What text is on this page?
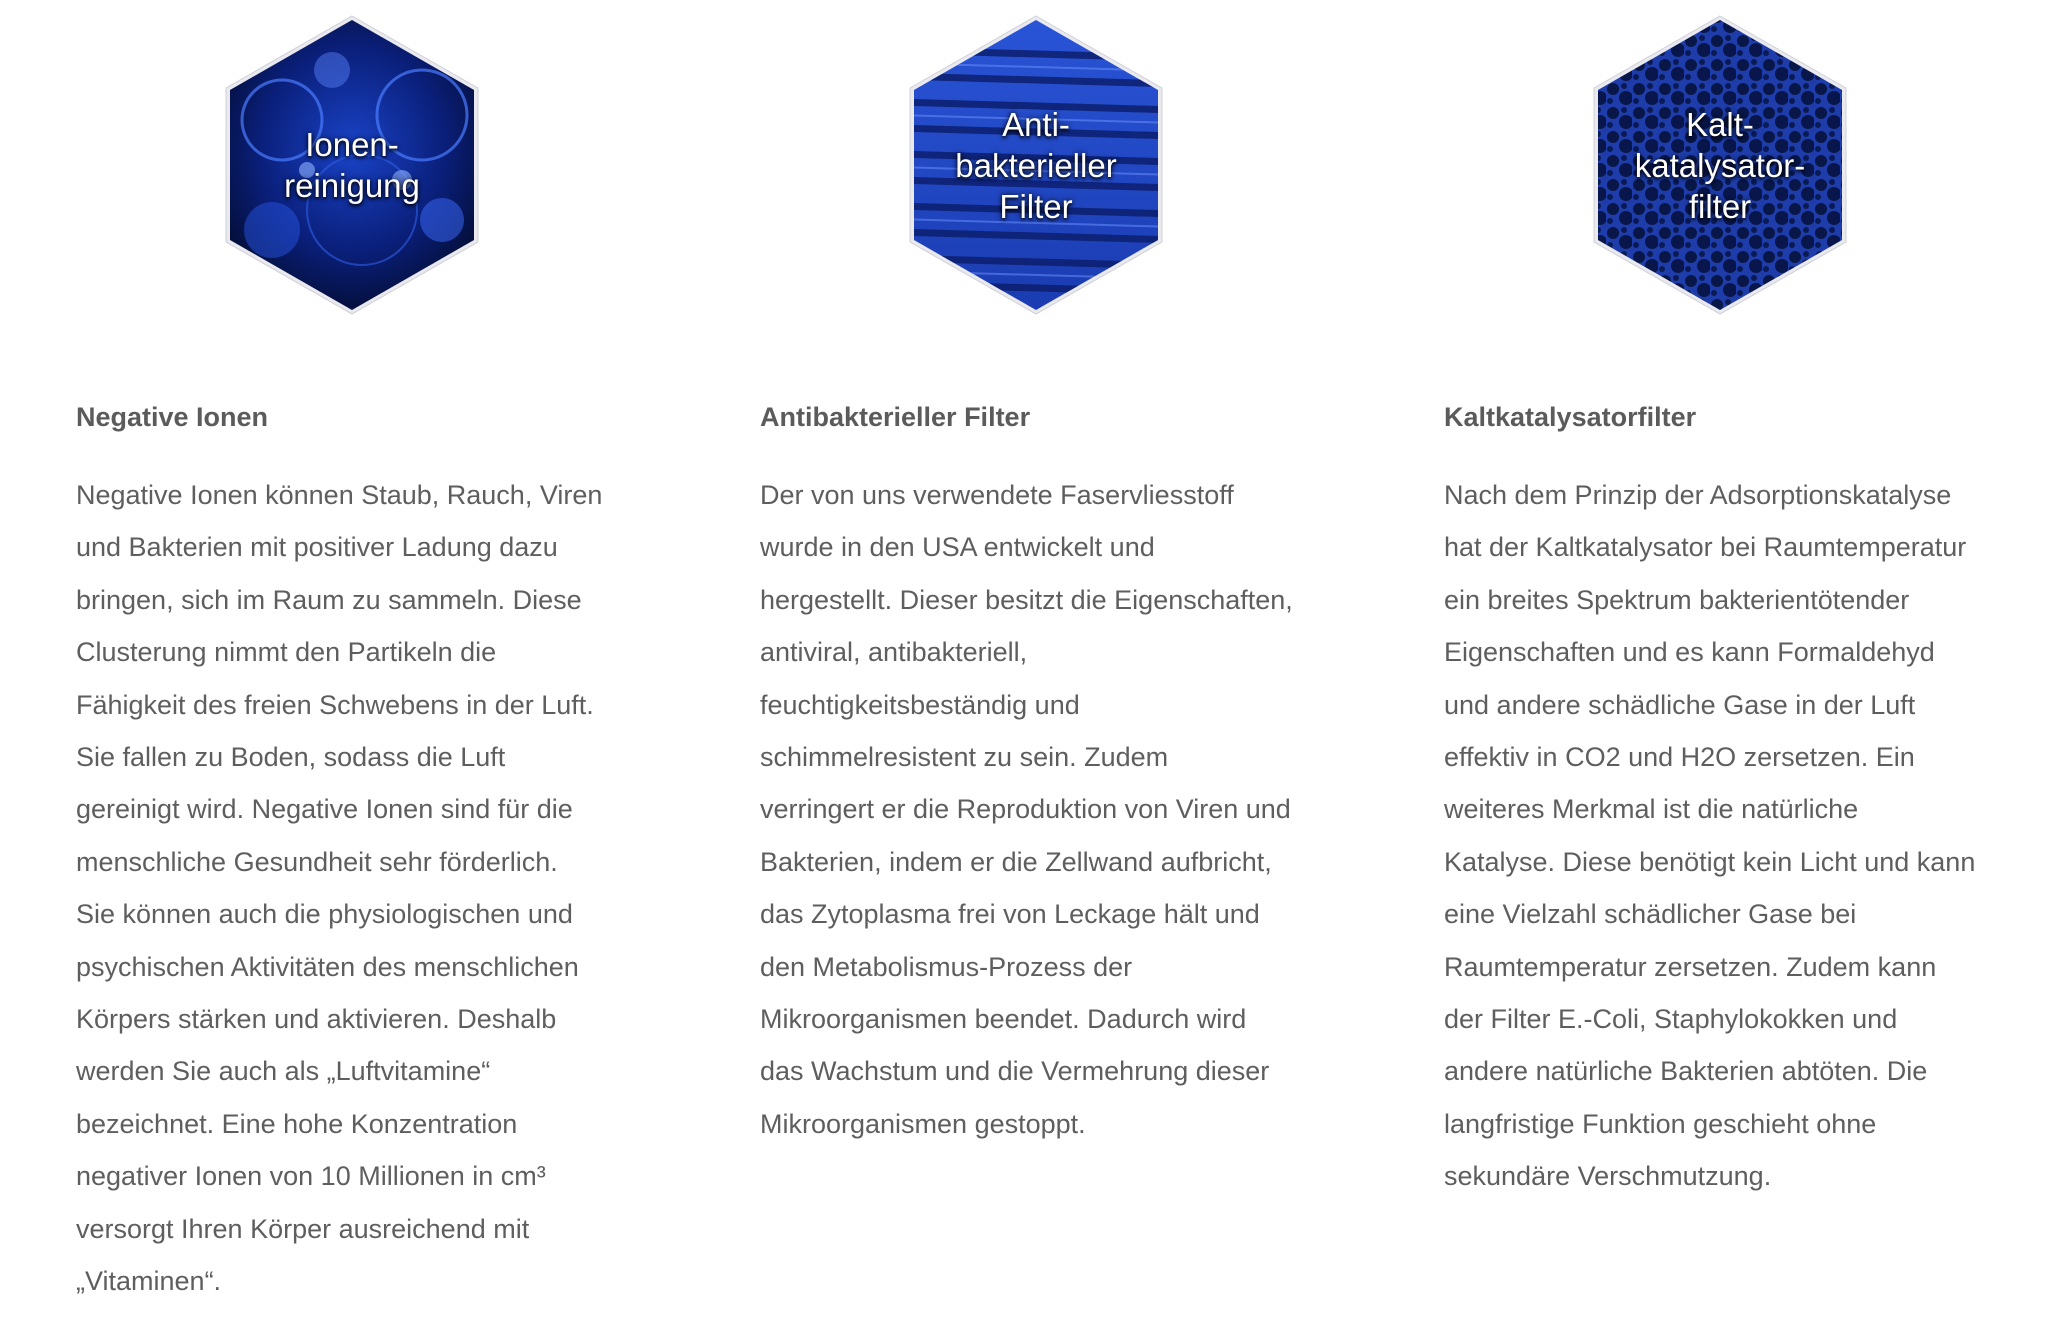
Ionen-
reinigung
Negative Ionen

Negative Ionen können Staub, Rauch, Viren
und Bakterien mit positiver Ladung dazu
bringen, sich im Raum zu sammeln. Diese
Clusterung nimmt den Partikeln die
Fähigkeit des freien Schwebens in der Luft.
Sie fallen zu Boden, sodass die Luft
gereinigt wird. Negative Ionen sind für die
menschliche Gesundheit sehr förderlich.
Sie können auch die physiologischen und
psychischen Aktivitäten des menschlichen
Körpers stärken und aktivieren. Deshalb
werden Sie auch als „Luftvitamine“
bezeichnet. Eine hohe Konzentration
negativer Ionen von 10 Millionen in cm³
versorgt Ihren Körper ausreichend mit
„Vitaminen“.

Anti-
bakterieller
Filter
Antibakterieller Filter

Der von uns verwendete Faservliesstoff
wurde in den USA entwickelt und
hergestellt. Dieser besitzt die Eigenschaften,
antiviral, antibakteriell,
feuchtigkeitsbeständig und
schimmelresistent zu sein. Zudem
verringert er die Reproduktion von Viren und
Bakterien, indem er die Zellwand aufbricht,
das Zytoplasma frei von Leckage hält und
den Metabolismus-Prozess der
Mikroorganismen beendet. Dadurch wird
das Wachstum und die Vermehrung dieser
Mikroorganismen gestoppt.

Kalt-
katalysator-
filter
Kaltkatalysatorfilter

Nach dem Prinzip der Adsorptionskatalyse
hat der Kaltkatalysator bei Raumtemperatur
ein breites Spektrum bakterientötender
Eigenschaften und es kann Formaldehyd
und andere schädliche Gase in der Luft
effektiv in CO2 und H2O zersetzen. Ein
weiteres Merkmal ist die natürliche
Katalyse. Diese benötigt kein Licht und kann
eine Vielzahl schädlicher Gase bei
Raumtemperatur zersetzen. Zudem kann
der Filter E.-Coli, Staphylokokken und
andere natürliche Bakterien abtöten. Die
langfristige Funktion geschieht ohne
sekundäre Verschmutzung.
